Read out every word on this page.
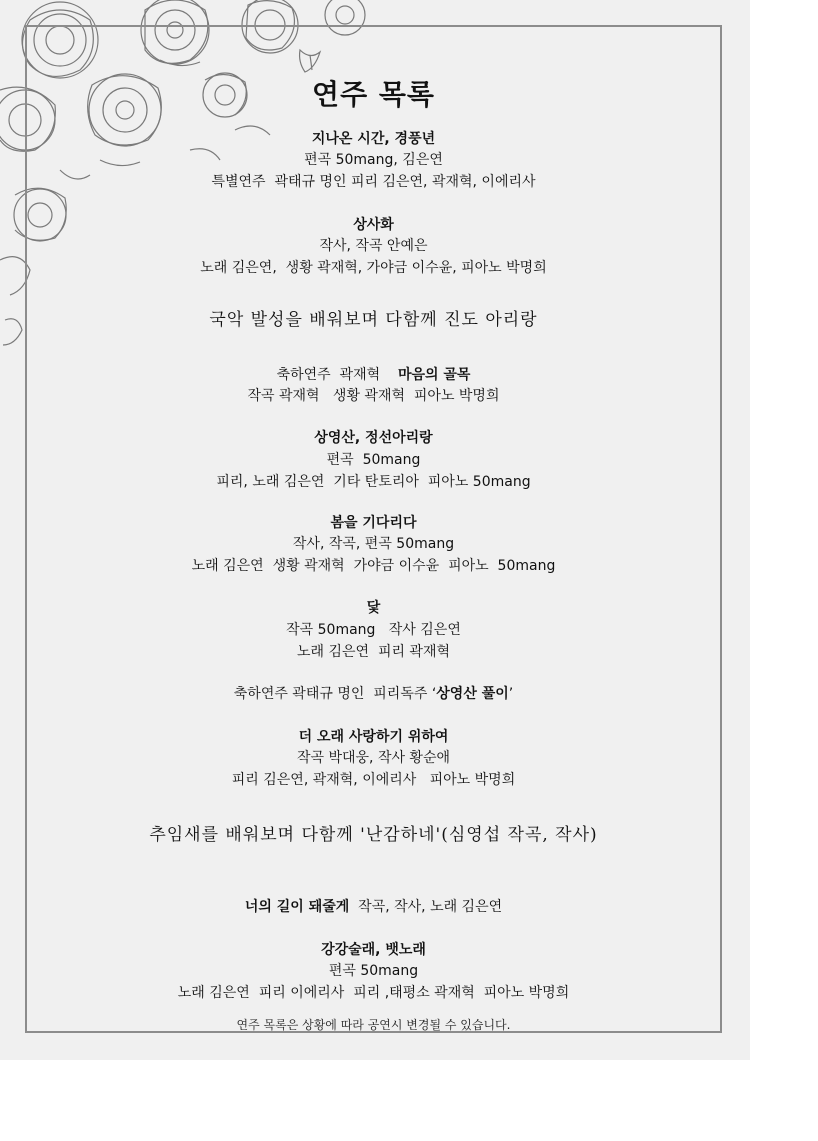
연주 목록
지나온 시간, 경풍년
편곡 50mang, 김은연
특별연주  곽태규 명인 피리 김은연, 곽재혁, 이에리사
상사화
작사, 작곡 안예은
노래 김은연,  생황 곽재혁, 가야금 이수윤, 피아노 박명희
국악 발성을 배워보며 다함께 진도 아리랑
축하연주  곽재혁    마음의 골목
작곡 곽재혁   생황 곽재혁  피아노 박명희
상영산, 정선아리랑
편곡  50mang
피리, 노래 김은연  기타 탄토리아  피아노 50mang
봄을 기다리다
작사, 작곡, 편곡 50mang
노래 김은연  생황 곽재혁  가야금 이수윤  피아노  50mang
닻
작곡 50mang   작사 김은연
노래 김은연  피리 곽재혁
축하연주 곽태규 명인  피리독주 ‘상영산 풀이’
더 오래 사랑하기 위하여
작곡 박대웅, 작사 황순애
피리 김은연, 곽재혁, 이에리사   피아노 박명희
추임새를 배워보며 다함께 '난감하네'(심영섭 작곡, 작사)
너의 길이 돼줄게  작곡, 작사, 노래 김은연
강강술래, 뱃노래
편곡 50mang
노래 김은연  피리 이에리사  피리 ,태평소 곽재혁  피아노 박명희
연주 목록은 상황에 따라 공연시 변경될 수 있습니다.
